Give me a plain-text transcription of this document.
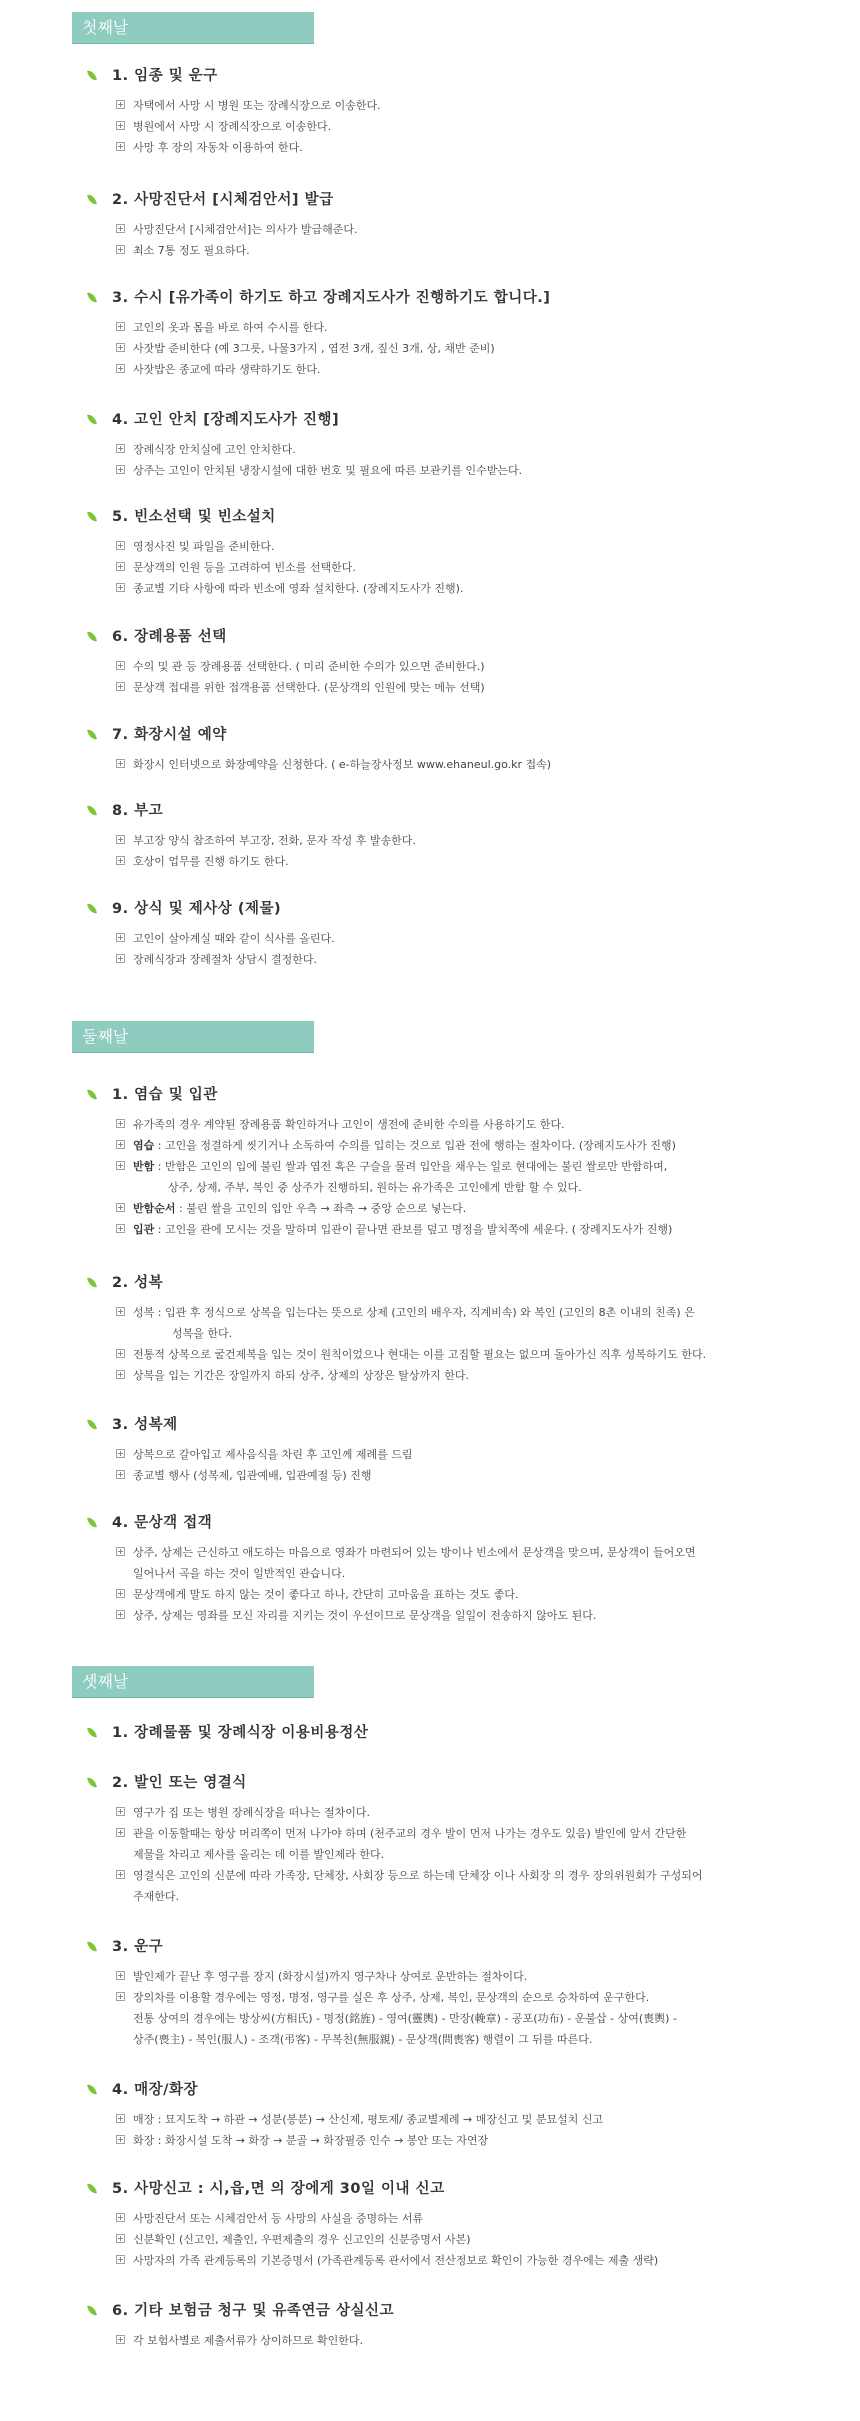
첫째날
1. 임종 및 운구
자택에서 사망 시 병원 또는 장례식장으로 이송한다.
병원에서 사망 시 장례식장으로 이송한다.
사망 후 장의 자동차 이용하여 한다.
2. 사망진단서 [시체검안서] 발급
사망진단서 [시체검안서]는 의사가 발급해준다.
최소 7통 정도 필요하다.
3. 수시 [유가족이 하기도 하고 장례지도사가 진행하기도 합니다.]
고인의 옷과 몸을 바로 하여 수시를 한다.
사잣밥 준비한다 (예 3그릇, 나물3가지 , 엽전 3개, 짚신 3개, 상, 채반 준비)
사잣밥은 종교에 따라 생략하기도 한다.
4. 고인 안치 [장례지도사가 진행]
장례식장 안치실에 고인 안치한다.
상주는 고인이 안치된 냉장시설에 대한 번호 및 필요에 따른 보관키를 인수받는다.
5. 빈소선택 및 빈소설치
영정사진 및 파일을 준비한다.
문상객의 인원 등을 고려하여 빈소를 선택한다.
종교별 기타 사항에 따라 빈소에 영좌 설치한다. (장례지도사가 진행).
6. 장례용품 선택
수의 및 관 등 장례용품 선택한다. ( 미리 준비한 수의가 있으면 준비한다.)
문상객 접대를 위한 접객용품 선택한다. (문상객의 인원에 맞는 메뉴 선택)
7. 화장시설 예약
화장시 인터넷으로 화장예약을 신청한다. ( e-하늘장사정보 www.ehaneul.go.kr 접속)
8. 부고
부고장 양식 참조하여 부고장, 전화, 문자 작성 후 발송한다.
호상이 업무를 진행 하기도 한다.
9. 상식 및 제사상 (제물)
고인이 살아계실 때와 같이 식사를 올린다.
장례식장과 장례절차 상담시 결정한다.
둘째날
1. 염습 및 입관
유가족의 경우 계약된 장례용품 확인하거나 고인이 생전에 준비한 수의를 사용하기도 한다.
염습 : 고인을 정결하게 씻기거나 소독하여 수의를 입히는 것으로 입관 전에 행하는 절차이다. (장례지도사가 진행)
반함 : 반함은 고인의 입에 불린 쌀과 엽전 혹은 구슬을 물려 입안을 채우는 일로 현대에는 불린 쌀로만 반함하며,
상주, 상제, 주부, 복인 중 상주가 진행하되, 원하는 유가족은 고인에게 반함 할 수 있다.
반함순서 : 불린 쌀을 고인의 입안 우측 → 좌측 → 중앙 순으로 넣는다.
입관 : 고인을 관에 모시는 것을 말하며 입관이 끝나면 관보를 덮고 명정을 발치쪽에 세운다. ( 장례지도사가 진행)
2. 성복
성복 : 입관 후 정식으로 상복을 입는다는 뜻으로 상제 (고인의 배우자, 직계비속) 와 복인 (고인의 8촌 이내의 친족) 은
성복을 한다.
전통적 상복으로 굴건제복을 입는 것이 원칙이었으나 현대는 이를 고집할 필요는 없으며 돌아가신 직후 성복하기도 한다.
상복을 입는 기간은 장일까지 하되 상주, 상제의 상장은 탈상까지 한다.
3. 성복제
상복으로 갈아입고 제사음식을 차린 후 고인께 제례를 드림
종교별 행사 (성복제, 입관예배, 입관예절 등) 진행
4. 문상객 접객
상주, 상제는 근신하고 애도하는 마음으로 영좌가 마련되어 있는 방이나 빈소에서 문상객을 맞으며, 문상객이 들어오면
일어나서 곡을 하는 것이 일반적인 관습니다.
문상객에게 말도 하지 않는 것이 좋다고 하나, 간단히 고마움을 표하는 것도 좋다.
상주, 상제는 영좌를 모신 자리를 지키는 것이 우선이므로 문상객을 일일이 전송하지 않아도 된다.
셋째날
1. 장례물품 및 장례식장 이용비용정산
2. 발인 또는 영결식
영구가 집 또는 병원 장례식장을 떠나는 절차이다.
관을 이동할때는 항상 머리쪽이 먼저 나가야 하며 (천주교의 경우 발이 먼저 나가는 경우도 있음) 발인에 앞서 간단한
제물을 차리고 제사를 올리는 데 이를 발인제라 한다.
영결식은 고인의 신분에 따라 가족장, 단체장, 사회장 등으로 하는데 단체장 이나 사회장 의 경우 장의위원회가 구성되어
주재한다.
3. 운구
발인제가 끝난 후 영구를 장지 (화장시설)까지 영구차나 상여로 운반하는 절차이다.
장의차를 이용할 경우에는 영정, 명정, 영구를 실은 후 상주, 상제, 복인, 문상객의 순으로 승차하여 운구한다.
전통 상여의 경우에는 방상씨(方相氏) - 명정(銘旌) - 영여(靈輿) - 만장(輓章) - 공포(功布) - 운불삽 - 상여(喪輿) -
상주(喪主) - 복인(服人) - 조객(弔客) - 무복친(無服親) - 문상객(問喪客) 행렬이 그 뒤를 따른다.
4. 매장/화장
매장 : 묘지도착 → 하관 → 성분(봉분) → 산신제, 평토제/ 종교별제례 → 매장신고 및 분묘설치 신고
화장 : 화장시설 도착 → 화장 → 분골 → 화장필증 인수 → 봉안 또는 자연장
5. 사망신고 : 시,읍,면 의 장에게 30일 이내 신고
사망진단서 또는 시체검안서 등 사망의 사실을 증명하는 서류
신분확인 (신고인, 제출인, 우편제출의 경우 신고인의 신분증명서 사본)
사망자의 가족 관계등록의 기본증명서 (가족관계등록 관서에서 전산정보로 확인이 가능한 경우에는 제출 생략)
6. 기타 보험금 청구 및 유족연금 상실신고
각 보험사별로 제출서류가 상이하므로 확인한다.
